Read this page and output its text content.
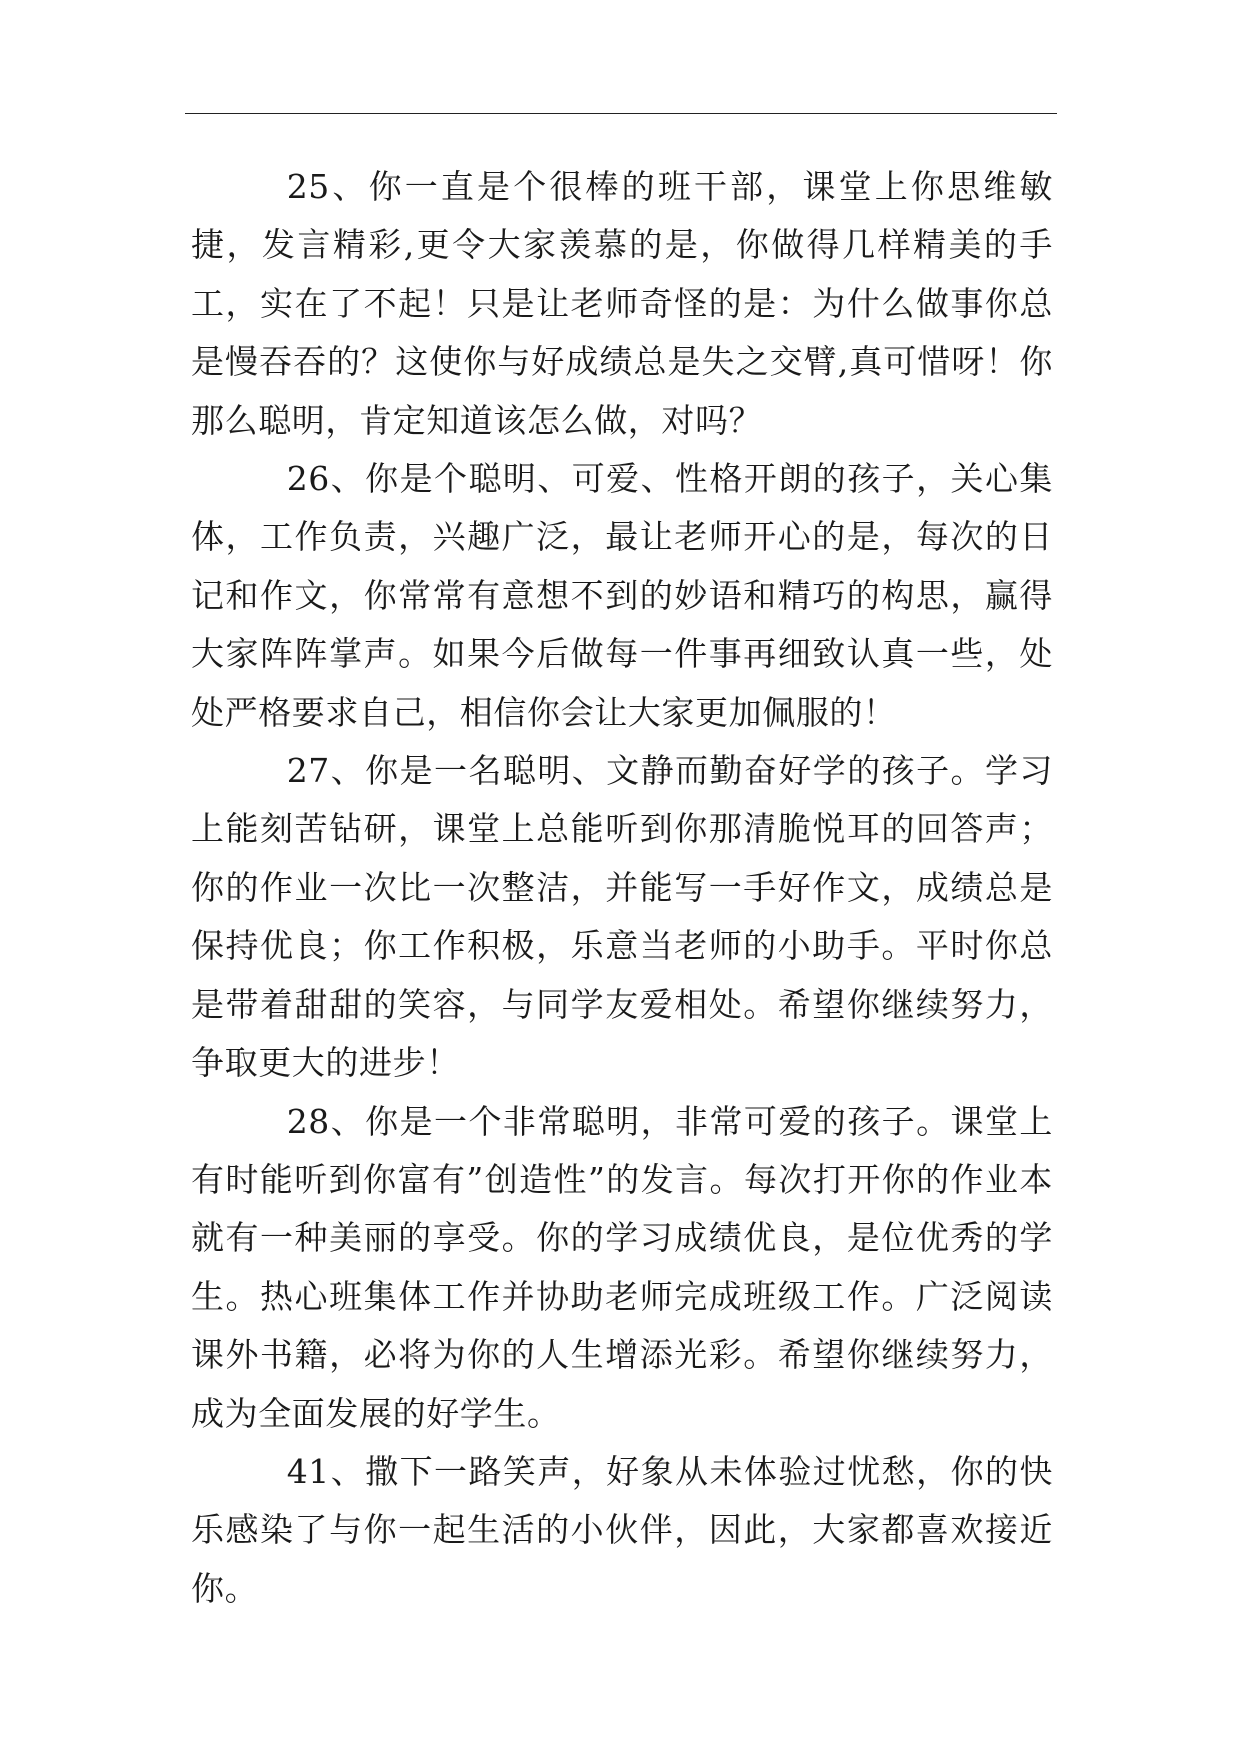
25、你一直是个很棒的班干部，课堂上你思维敏捷，发言精彩,更令大家羡慕的是，你做得几样精美的手工，实在了不起！只是让老师奇怪的是：为什么做事你总是慢吞吞的？这使你与好成绩总是失之交臂,真可惜呀！你那么聪明，肯定知道该怎么做，对吗？

26、你是个聪明、可爱、性格开朗的孩子，关心集体，工作负责，兴趣广泛，最让老师开心的是，每次的日记和作文，你常常有意想不到的妙语和精巧的构思，赢得大家阵阵掌声。如果今后做每一件事再细致认真一些，处处严格要求自己，相信你会让大家更加佩服的！

27、你是一名聪明、文静而勤奋好学的孩子。学习上能刻苦钻研，课堂上总能听到你那清脆悦耳的回答声；你的作业一次比一次整洁，并能写一手好作文，成绩总是保持优良；你工作积极，乐意当老师的小助手。平时你总是带着甜甜的笑容，与同学友爱相处。希望你继续努力，争取更大的进步！

28、你是一个非常聪明，非常可爱的孩子。课堂上有时能听到你富有”创造性”的发言。每次打开你的作业本就有一种美丽的享受。你的学习成绩优良，是位优秀的学生。热心班集体工作并协助老师完成班级工作。广泛阅读课外书籍，必将为你的人生增添光彩。希望你继续努力，成为全面发展的好学生。

41、撒下一路笑声，好象从未体验过忧愁，你的快乐感染了与你一起生活的小伙伴，因此，大家都喜欢接近你。
